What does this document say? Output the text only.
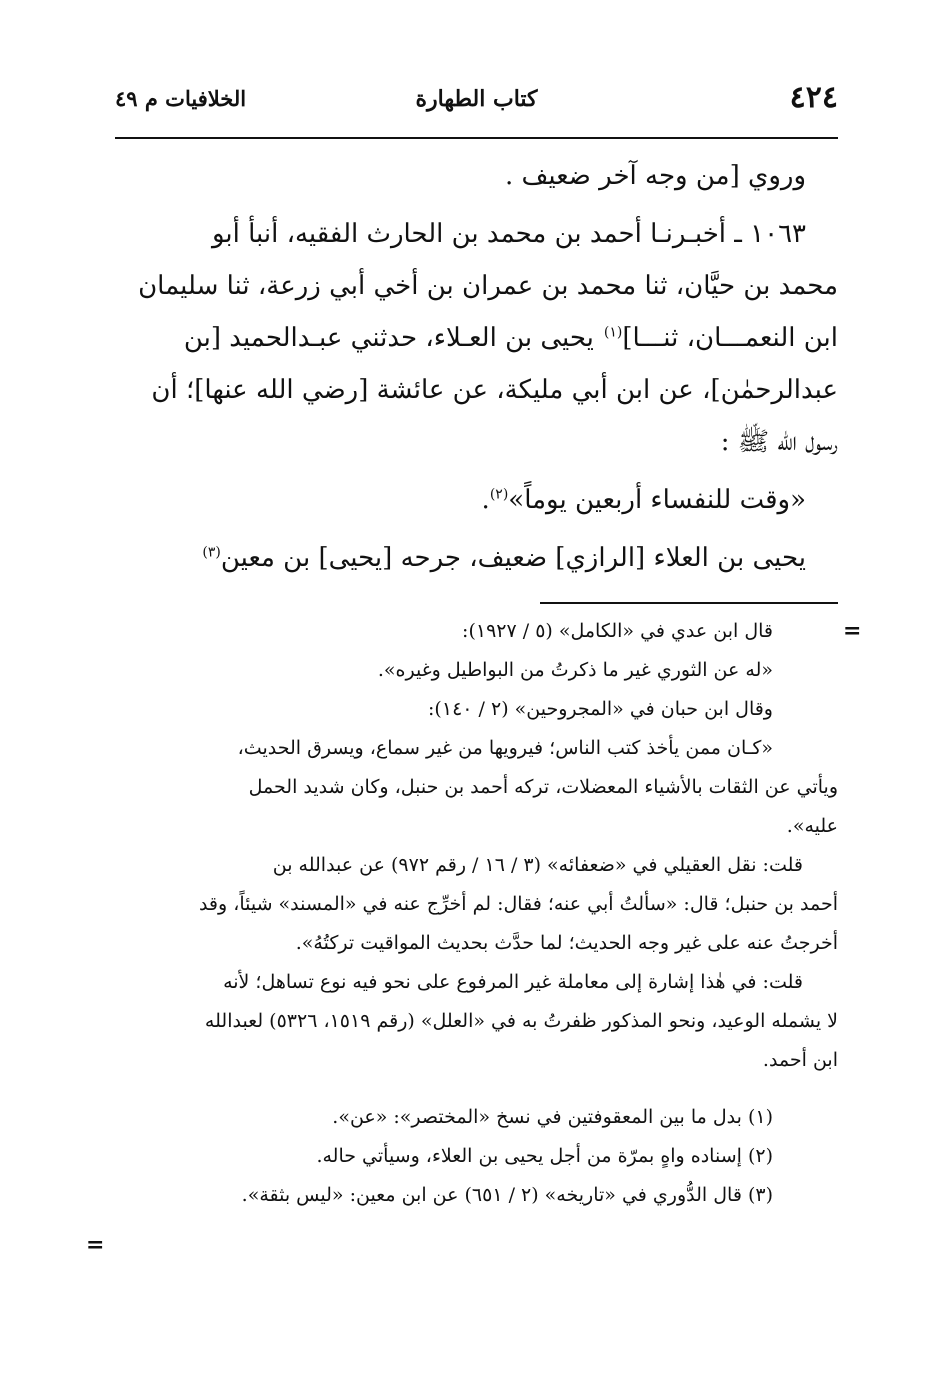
٤٢٤
كتاب الطهارة
الخلافيات م ٤٩

وروي [من وجه آخر ضعيف .

١٠٦٣ ـ أخبـرنـا أحمد بن محمد بن الحارث الفقيه، أنبأ أبو

محمد بن حيَّان، ثنا محمد بن عمران بن أخي أبي زرعة، ثنا سليمان

ابن النعمـــان، ثنـــا]$^{(١)}$يحيى بن العـلاء، حدثني عبـدالحميد [بن

عبدالرحمٰن]، عن ابن أبي مليكة، عن عائشة [رضي الله عنها]؛ أن

رسول الله ﷺ :

«وقت للنفساء أربعين يوماً»$^{(٢)}$.

يحيى بن العلاء [الرازي] ضعيف، جرحه [يحيى] بن معين$^{(٣)}$

=

قال ابن عدي في «الكامل» (٥ / ١٩٢٧):

«له عن الثوري غير ما ذكرتُ من البواطيل وغيره».

وقال ابن حبان في «المجروحين» (٢ / ١٤٠):

«كـان ممن يأخذ كتب الناس؛ فيرويها من غير سماع، ويسرق الحديث،

ويأتي عن الثقات بالأشياء المعضلات، تركه أحمد بن حنبل، وكان شديد الحمل

عليه».

قلت: نقل العقيلي في «ضعفائه» (٣ / ١٦ / رقم ٩٧٢) عن عبدالله بن

أحمد بن حنبل؛ قال: «سألتُ أبي عنه؛ فقال: لم أخرِّج عنه في «المسند» شيئاً، وقد

أخرجتُ عنه على غير وجه الحديث؛ لما حدَّث بحديث المواقيت تركتُهُ».

قلت: في هٰذا إشارة إلى معاملة غير المرفوع على نحو فيه نوع تساهل؛ لأنه

لا يشمله الوعيد، ونحو المذكور ظفرتُ به في «العلل» (رقم ١٥١٩، ٥٣٢٦) لعبدالله

ابن أحمد.

(١) بدل ما بين المعقوفتين في نسخ «المختصر»: «عن».

(٢) إسناده واهٍ بمرّة من أجل يحيى بن العلاء، وسيأتي حاله.

(٣) قال الدُّوري في «تاريخه» (٢ / ٦٥١) عن ابن معين: «ليس بثقة».

=
